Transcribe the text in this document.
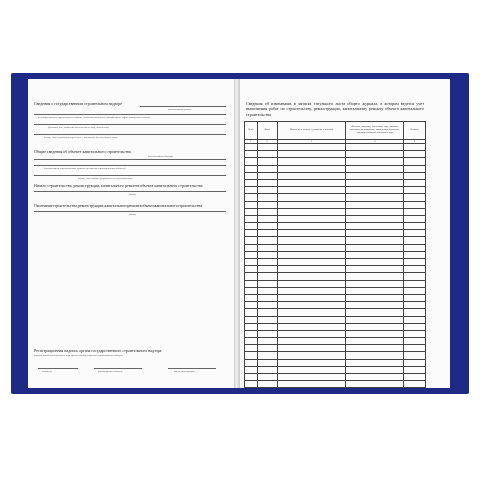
Сведения о государственном строительном надзоре
(наименование органа)
(государственного строительного надзора, почтовые реквизиты, телефон/факс, адрес электронной почты)
(фамилия, имя, отчество должностного лица, должность)
(номер, дата приказа/распоряжения о назначении должностного лица)
Общие сведения об объекте капитального строительства
(наименование объекта)
(наименование строительства, краткие проектные характеристики объекта)
(номер, дата выдачи разрешения на строительство)
Начало строительства, реконструкции, капитального ремонта объекта капитального строительства
(дата)
Окончаниестроительства,реконструкции,капитальногоремонтаобъектакапитальногостроительства
(дата)
Регистрационная надпись органа государственного строительного надзора
(наименование должностного лица органа государственного строительного надзора)
(подпись)	(расшифровка подписи)	(дата регистрации)
Сведения об изменениях в записях титульного листа общего журнала, в котором ведется учет выполнения работ по строительству, реконструкции, капитальному ремонту объекта капитального строительства
№ п/п	Дата	Изменения в записях с указанием оснований	Фамилия, инициалы, должность лица, внесшего изменения, наименование, дата, номер документа, подтверждающего полномочия лица	Подпись
1	2	3	4	5
